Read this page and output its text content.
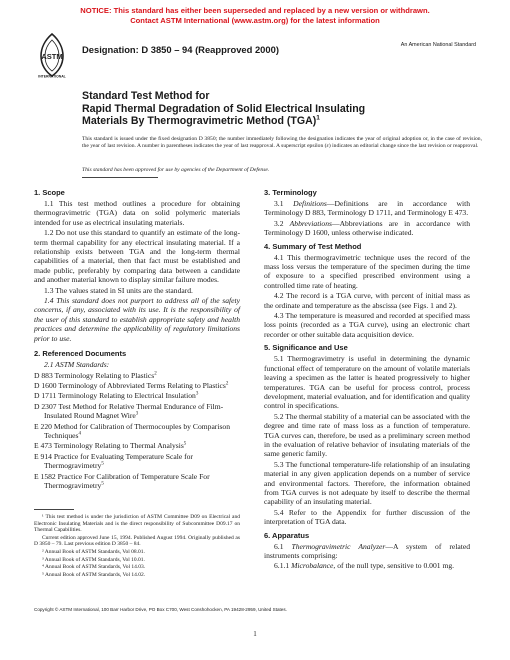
NOTICE: This standard has either been superseded and replaced by a new version or withdrawn.
Contact ASTM International (www.astm.org) for the latest information
ASTM
INTERNATIONAL
Designation: D 3850 – 94 (Reapproved 2000)	An American National Standard
Standard Test Method for
Rapid Thermal Degradation of Solid Electrical Insulating
Materials By Thermogravimetric Method (TGA)$^1$
This standard is issued under the fixed designation D 3850; the number immediately following the designation indicates the year of original adoption or, in the case of revision, the year of last revision. A number in parentheses indicates the year of last reapproval. A superscript epsilon (ε) indicates an editorial change since the last revision or reapproval.
This standard has been approved for use by agencies of the Department of Defense.
1. Scope

1.1 This test method outlines a procedure for obtaining thermogravimetric (TGA) data on solid polymeric materials intended for use as electrical insulating materials.

1.2 Do not use this standard to quantify an estimate of the long-term thermal capability for any electrical insulating material. If a relationship exists between TGA and the long-term thermal capabilities of a material, then that fact must be established and made public, preferably by comparing data between a candidate and another material known to display similar failure modes.

1.3 The values stated in SI units are the standard.

1.4 This standard does not purport to address all of the safety concerns, if any, associated with its use. It is the responsibility of the user of this standard to establish appropriate safety and health practices and determine the applicability of regulatory limitations prior to use.

2. Referenced Documents

2.1 ASTM Standards:

D 883 Terminology Relating to Plastics$^2$
D 1600 Terminology of Abbreviated Terms Relating to Plastics$^2$
D 1711 Terminology Relating to Electrical Insulation$^3$
D 2307 Test Method for Relative Thermal Endurance of Film-Insulated Round Magnet Wire$^3$
E 220 Method for Calibration of Thermocouples by Comparison Techniques$^4$
E 473 Terminology Relating to Thermal Analysis$^5$
E 914 Practice for Evaluating Temperature Scale for Thermogravimetry$^5$
E 1582 Practice For Calibration of Temperature Scale For Thermogravimetry$^5$
3. Terminology

3.1 Definitions—Definitions are in accordance with Terminology D 883, Terminology D 1711, and Terminology E 473.

3.2 Abbreviations—Abbreviations are in accordance with Terminology D 1600, unless otherwise indicated.

4. Summary of Test Method

4.1 This thermogravimetric technique uses the record of the mass loss versus the temperature of the specimen during the time of exposure to a specified prescribed environment using a controlled time rate of heating.

4.2 The record is a TGA curve, with percent of initial mass as the ordinate and temperature as the abscissa (see Figs. 1 and 2).

4.3 The temperature is measured and recorded at specified mass loss points (recorded as a TGA curve), using an electronic chart recorder or other suitable data acquisition device.

5. Significance and Use

5.1 Thermogravimetry is useful in determining the dynamic functional effect of temperature on the amount of volatile materials leaving a specimen as the latter is heated progressively to higher temperatures. TGA can be useful for process control, process development, material evaluation, and for identification and quality control in specifications.

5.2 The thermal stability of a material can be associated with the degree and time rate of mass loss as a function of temperature. TGA curves can, therefore, be used as a preliminary screen method in the evaluation of relative behavior of insulating materials of the same generic family.

5.3 The functional temperature-life relationship of an insulating material in any given application depends on a number of service and environmental factors. Therefore, the information obtained from TGA curves is not adequate by itself to describe the thermal capability of an insulating material.

5.4 Refer to the Appendix for further discussion of the interpretation of TGA data.

6. Apparatus

6.1 Thermogravimetric Analyzer—A system of related instruments comprising:

6.1.1 Microbalance, of the null type, sensitive to 0.001 mg.

¹ This test method is under the jurisdiction of ASTM Committee D09 on Electrical and Electronic Insulating Materials and is the direct responsibility of Subcommittee D09.17 on Thermal Capabilities.

Current edition approved June 15, 1994. Published August 1994. Originally published as D 3850 – 79. Last previous edition D 3850 – 84.

² Annual Book of ASTM Standards, Vol 08.01.

³ Annual Book of ASTM Standards, Vol 10.01.

⁴ Annual Book of ASTM Standards, Vol 14.03.

⁵ Annual Book of ASTM Standards, Vol 14.02.

Copyright © ASTM International, 100 Barr Harbor Drive, PO Box C700, West Conshohocken, PA 19428-2959, United States.
1
